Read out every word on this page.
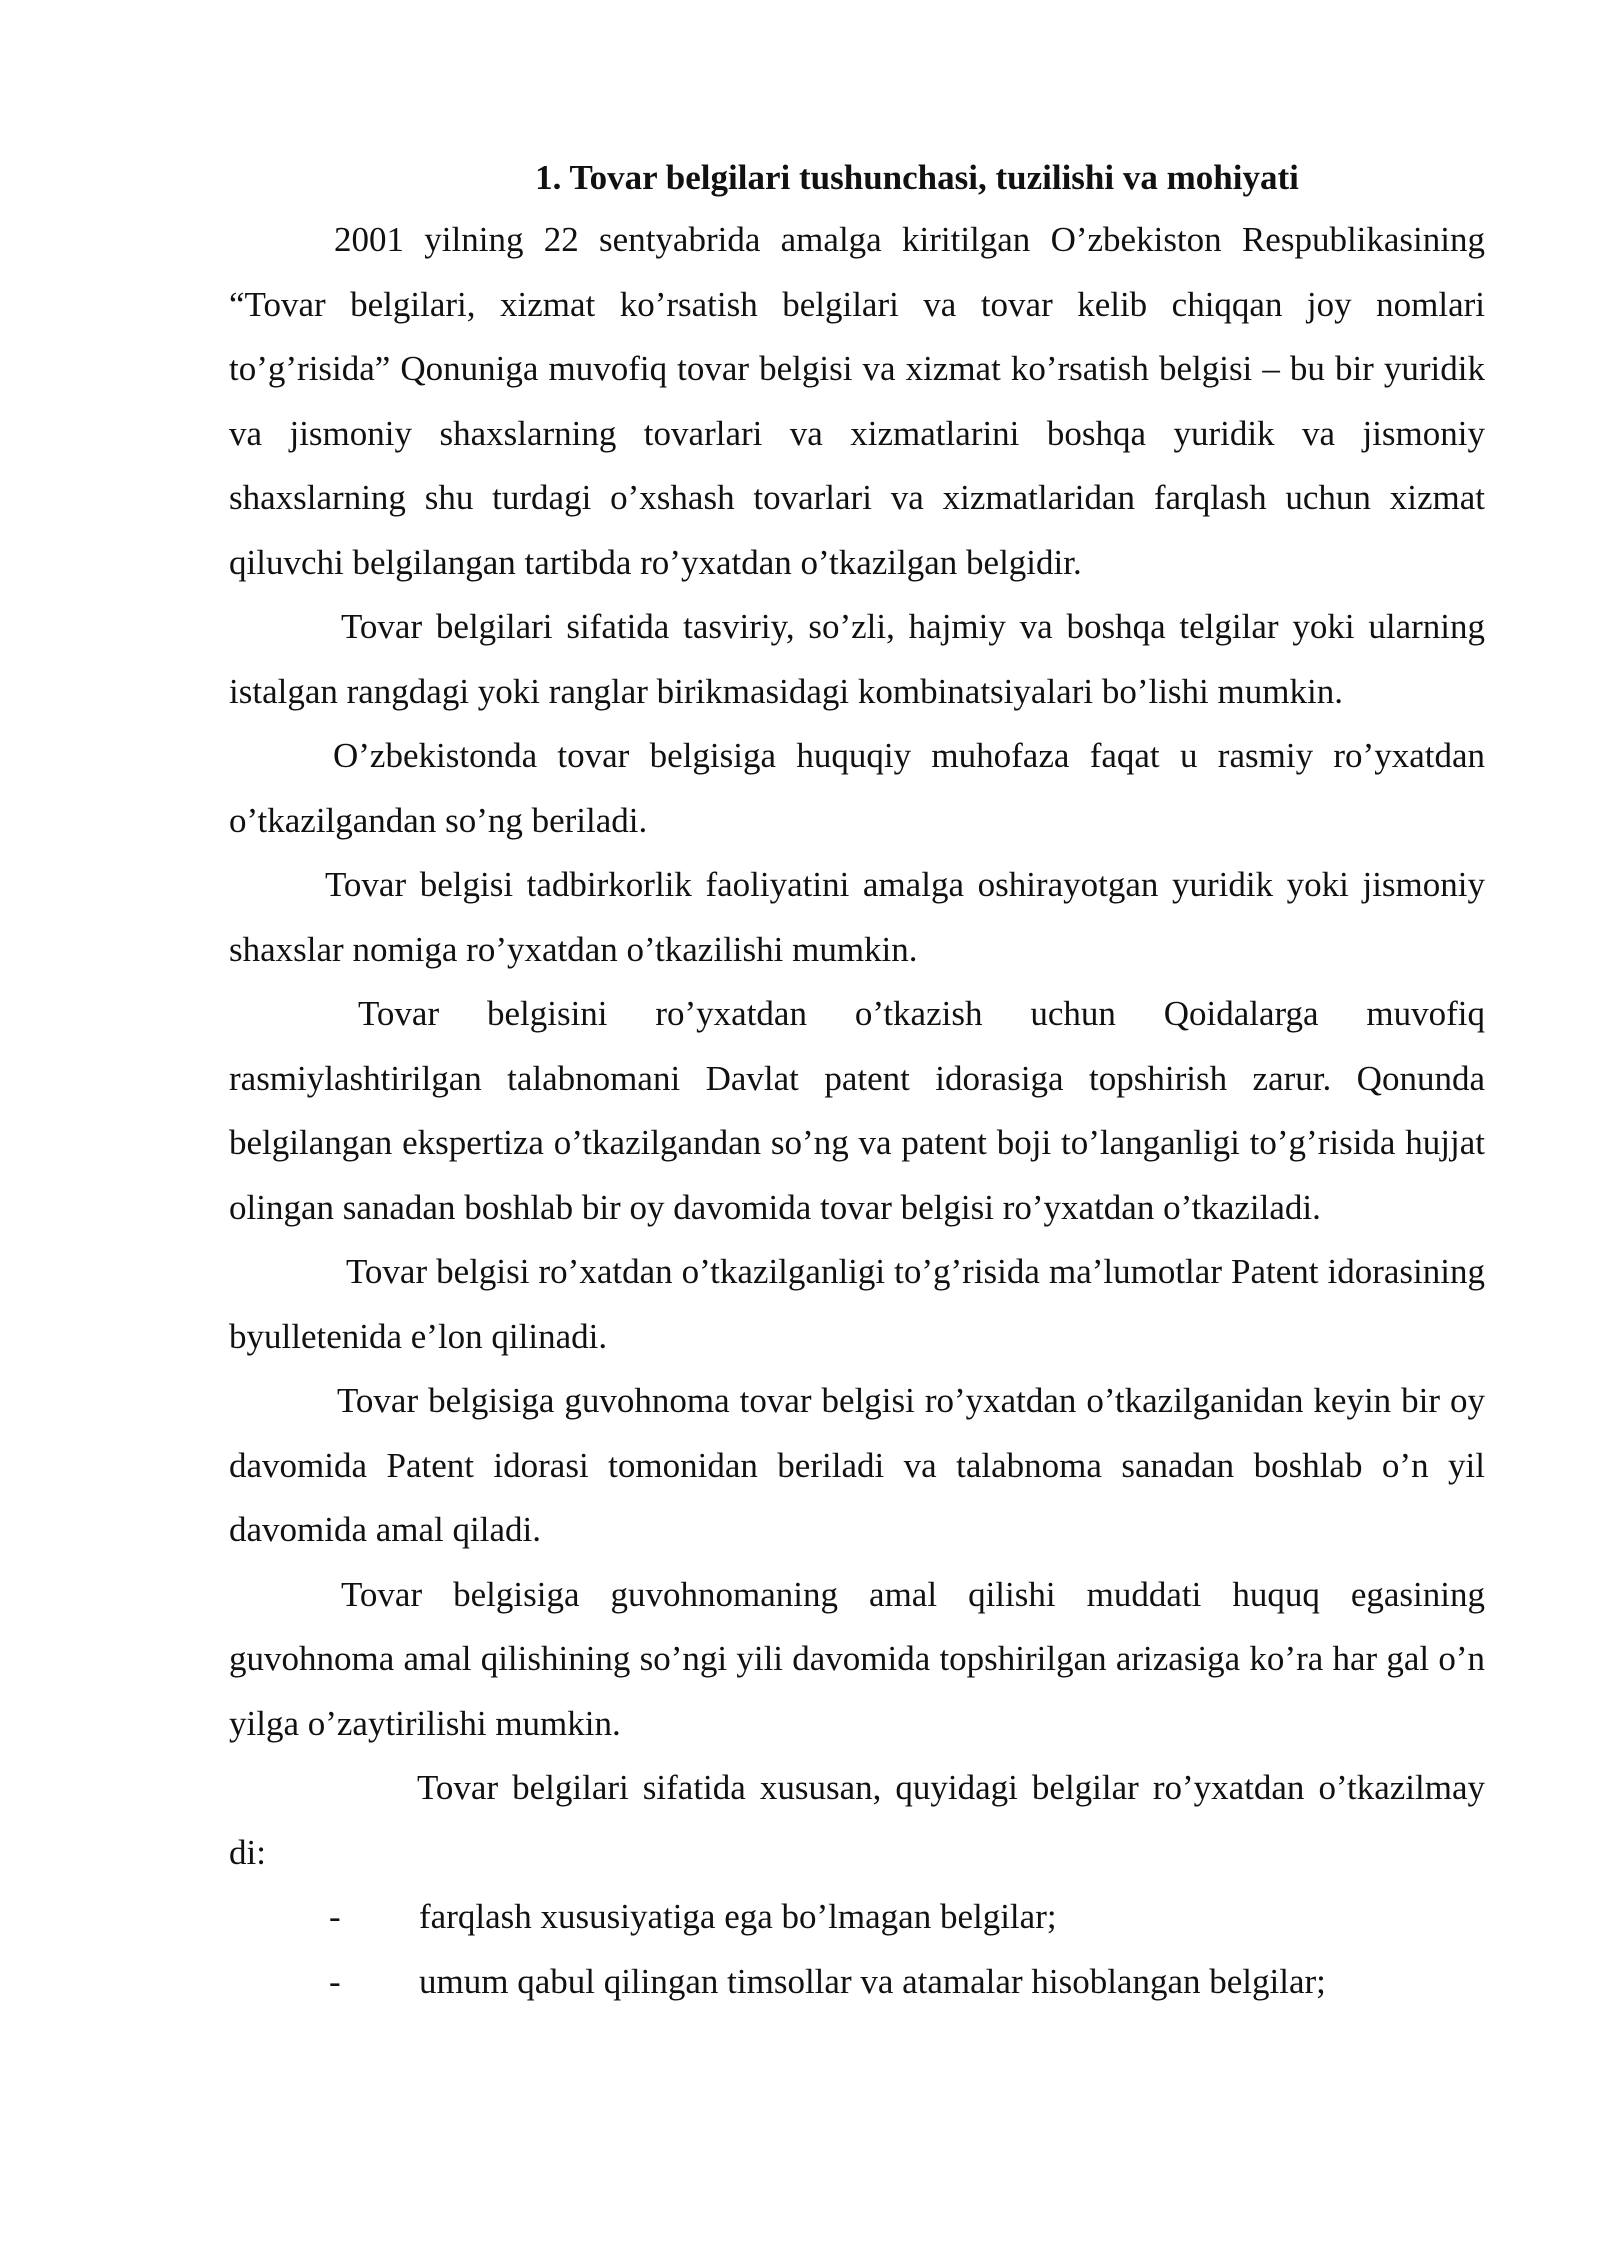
1. Tovar belgilari tushunchasi, tuzilishi va mohiyati

2001 yilning 22 sentyabrida amalga kiritilgan O’zbekiston Respublikasining “Tovar belgilari, xizmat ko’rsatish belgilari va tovar kelib chiqqan joy nomlari to’g’risida” Qonuniga muvofiq tovar belgisi va xizmat ko’rsatish belgisi – bu bir yuridik va jismoniy shaxslarning tovarlari va xizmatlarini boshqa yuridik va jismoniy shaxslarning shu turdagi o’xshash tovarlari va xizmatlaridan farqlash uchun xizmat qiluvchi belgilangan tartibda ro’yxatdan o’tkazilgan belgidir.

Tovar belgilari sifatida tasviriy, so’zli, hajmiy va boshqa telgilar yoki ularning istalgan rangdagi yoki ranglar birikmasidagi kombinatsiyalari bo’lishi mumkin.

O’zbekistonda tovar belgisiga huquqiy muhofaza faqat u rasmiy ro’yxatdan o’tkazilgandan so’ng beriladi.

Tovar belgisi tadbirkorlik faoliyatini amalga oshirayotgan yuridik yoki jismoniy shaxslar nomiga ro’yxatdan o’tkazilishi mumkin.

Tovar belgisini ro’yxatdan o’tkazish uchun Qoidalarga muvofiq rasmiylashtirilgan talabnomani Davlat patent idorasiga topshirish zarur. Qonunda belgilangan ekspertiza o’tkazilgandan so’ng va patent boji to’langanligi to’g’risida hujjat olingan sanadan boshlab bir oy davomida tovar belgisi ro’yxatdan o’tkaziladi.

Tovar belgisi ro’xatdan o’tkazilganligi to’g’risida ma’lumotlar Patent idorasining byulletenida e’lon qilinadi.

Tovar belgisiga guvohnoma tovar belgisi ro’yxatdan o’tkazilganidan keyin bir oy davomida Patent idorasi tomonidan beriladi va talabnoma sanadan boshlab o’n yil davomida amal qiladi.

Tovar belgisiga guvohnomaning amal qilishi muddati huquq egasining guvohnoma amal qilishining so’ngi yili davomida topshirilgan arizasiga ko’ra har gal o’n yilga o’zaytirilishi mumkin.

Tovar belgilari sifatida xususan, quyidagi belgilar ro’yxatdan o’tkazilmay di:

- farqlash xususiyatiga ega bo’lmagan belgilar;
- umum qabul qilingan timsollar va atamalar hisoblangan belgilar;
